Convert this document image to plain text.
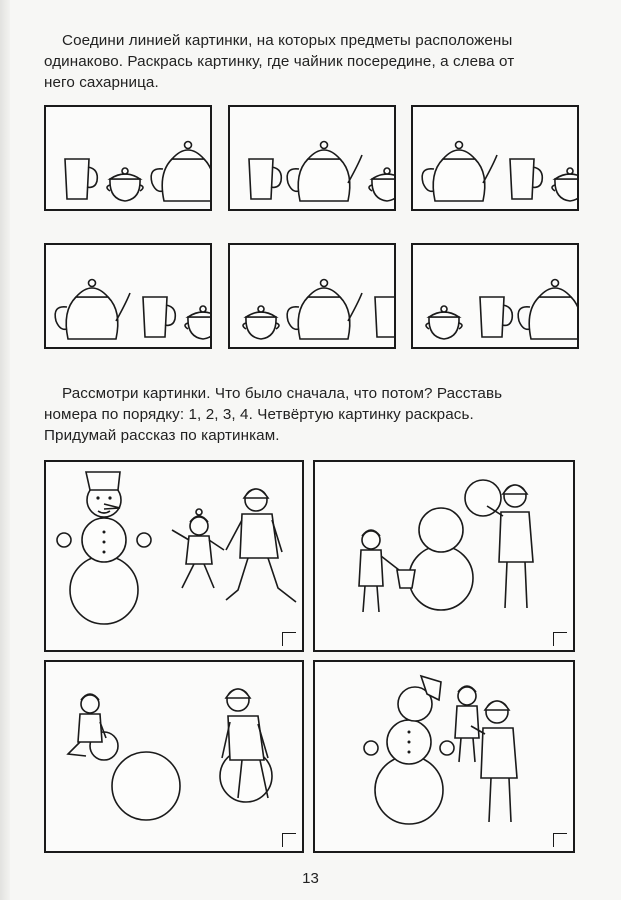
Соедини линией картинки, на которых предметы расположены
одинаково. Раскрась картинку, где чайник посередине, а слева от
него сахарница.
Рассмотри картинки. Что было сначала, что потом? Расставь
номера по порядку: 1, 2, 3, 4. Четвёртую картинку раскрась.
Придумай рассказ по картинкам.
13
